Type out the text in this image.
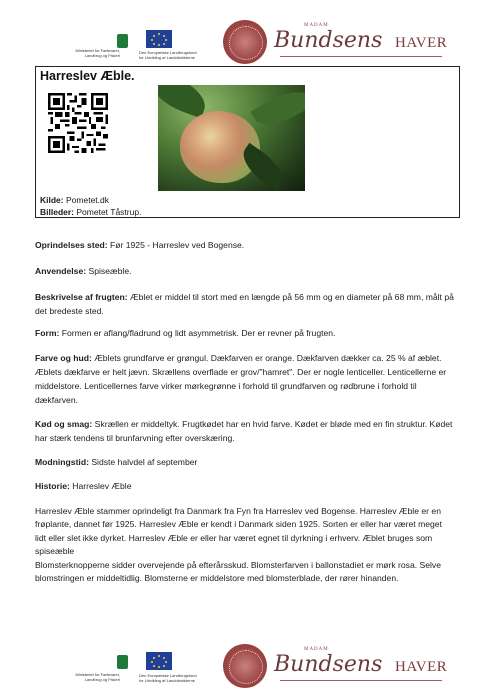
Ministeriet for Fødevarer,
Landbrug og Fiskeri
Den Europæiske Landbrugsfond
for Udvikling af Landdistrikterne
MADAM
Bundsens HAVER
Harreslev Æble.
Kilde: Pometet.dk
Billeder: Pometet Tåstrup.
Oprindelses sted: Før 1925 - Harreslev ved Bogense.
Anvendelse: Spiseæble.
Beskrivelse af frugten: Æblet er middel til stort med en længde på 56 mm og en diameter på 68 mm, målt på det bredeste sted.
Form: Formen er aflang/fladrund og lidt asymmetrisk. Der er revner på frugten.
Farve og hud: Æblets grundfarve er grøngul. Dækfarven er orange. Dækfarven dækker ca. 25 % af æblet. Æblets dækfarve er helt jævn. Skrællens overflade er grov/"hamret". Der er nogle lenticeller. Lenticellerne er middelstore. Lenticellernes farve virker mørkegrønne i forhold til grundfarven og rødbrune i forhold til dækfarven.
Kød og smag: Skrællen er middeltyk. Frugtkødet har en hvid farve. Kødet er bløde med en fin struktur. Kødet har stærk tendens til brunfarvning efter overskæring.
Modningstid: Sidste halvdel af september
Historie: Harreslev Æble
Harreslev Æble stammer oprindeligt fra Danmark fra Fyn fra Harreslev ved Bogense. Harreslev Æble er en frøplante, dannet før 1925. Harreslev Æble er kendt i Danmark siden 1925. Sorten er eller har været meget lidt eller slet ikke dyrket. Harreslev Æble er eller har været egnet til dyrkning i erhverv. Æblet bruges som spiseæble
Blomsterknopperne sidder overvejende på efterårsskud. Blomsterfarven i ballonstadiet er mørk rosa. Selve blomstringen er middeltidlig. Blomsterne er middelstore med blomsterblade, der rører hinanden.
Ministeriet for Fødevarer,
Landbrug og Fiskeri
Den Europæiske Landbrugsfond
for Udvikling af Landdistrikterne
MADAM
Bundsens HAVER
